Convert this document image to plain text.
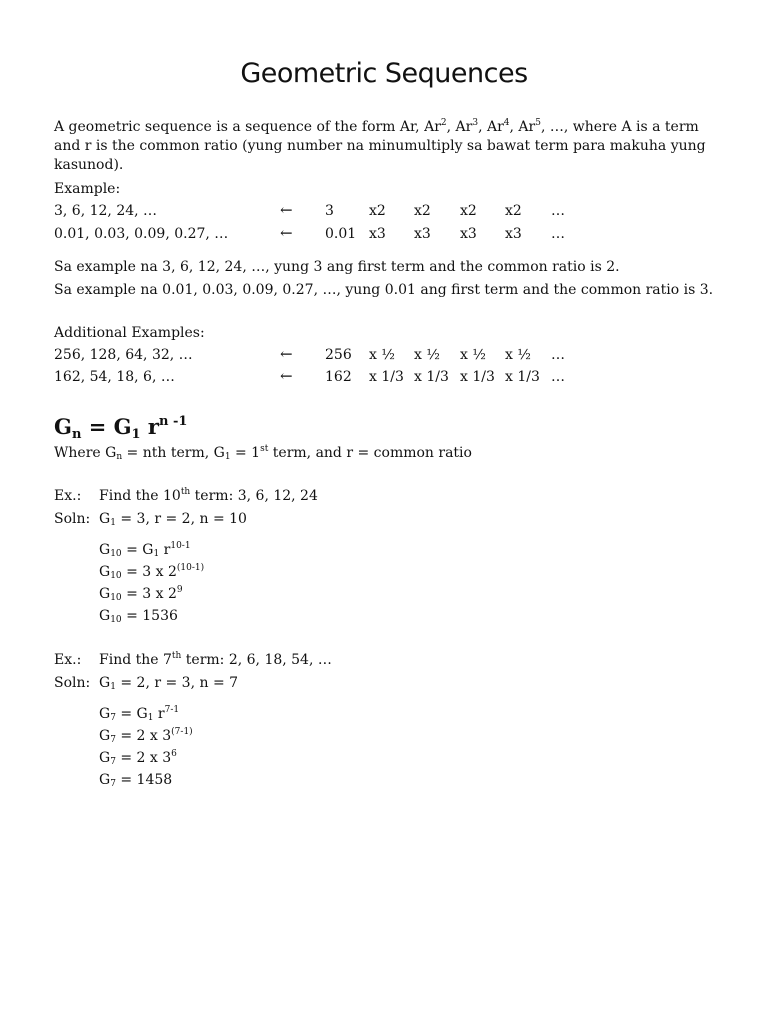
Geometric Sequences
A geometric sequence is a sequence of the form Ar, Ar$^2$, Ar$^3$, Ar$^4$, Ar$^5$, …, where A is a term and r is the common ratio (yung number na minumultiply sa bawat term para makuha yung kasunod).
Example:
3, 6, 12, 24, …	← 3	x2 x2 x2 x2 …
0.01, 0.03, 0.09, 0.27, …	← 0.01 x3 x3 x3 x3 …
Sa example na 3, 6, 12, 24, …, yung 3 ang first term and the common ratio is 2.
Sa example na 0.01, 0.03, 0.09, 0.27, …, yung 0.01 ang first term and the common ratio is 3.
Additional Examples:
256, 128, 64, 32, …	← 256 x ½ x ½ x ½ x ½ …
162, 54, 18, 6, …	← 162 x 1/3 x 1/3 x 1/3 x 1/3 …
$G_n = G_1$ $r^{n -1}$
Where $G_n$ = nth term, $G_1 = 1st$ term, and r = common ratio
Ex.: Find the 10th term: 3, 6, 12, 24
Soln: $G_1 = 3$, r = 2, n = 10
$G_{10} = G_1$ $r^{10-1}$
$G_{10} = 3$ x 2$^{(10-1)}$
$G_{10} = 3$ x $2^9$
$G_{10} = 1536$
Ex.: Find the 7th term: 2, 6, 18, 54, …
Soln: $G_1 = 2$, r = 3, n = 7
$G_7 = G_1$ $r^{7-1}$
$G_7 = 2$ x 3$^{(7-1)}$
$G_7 = 2$ x $3^6$
$G_7 = 1458$
